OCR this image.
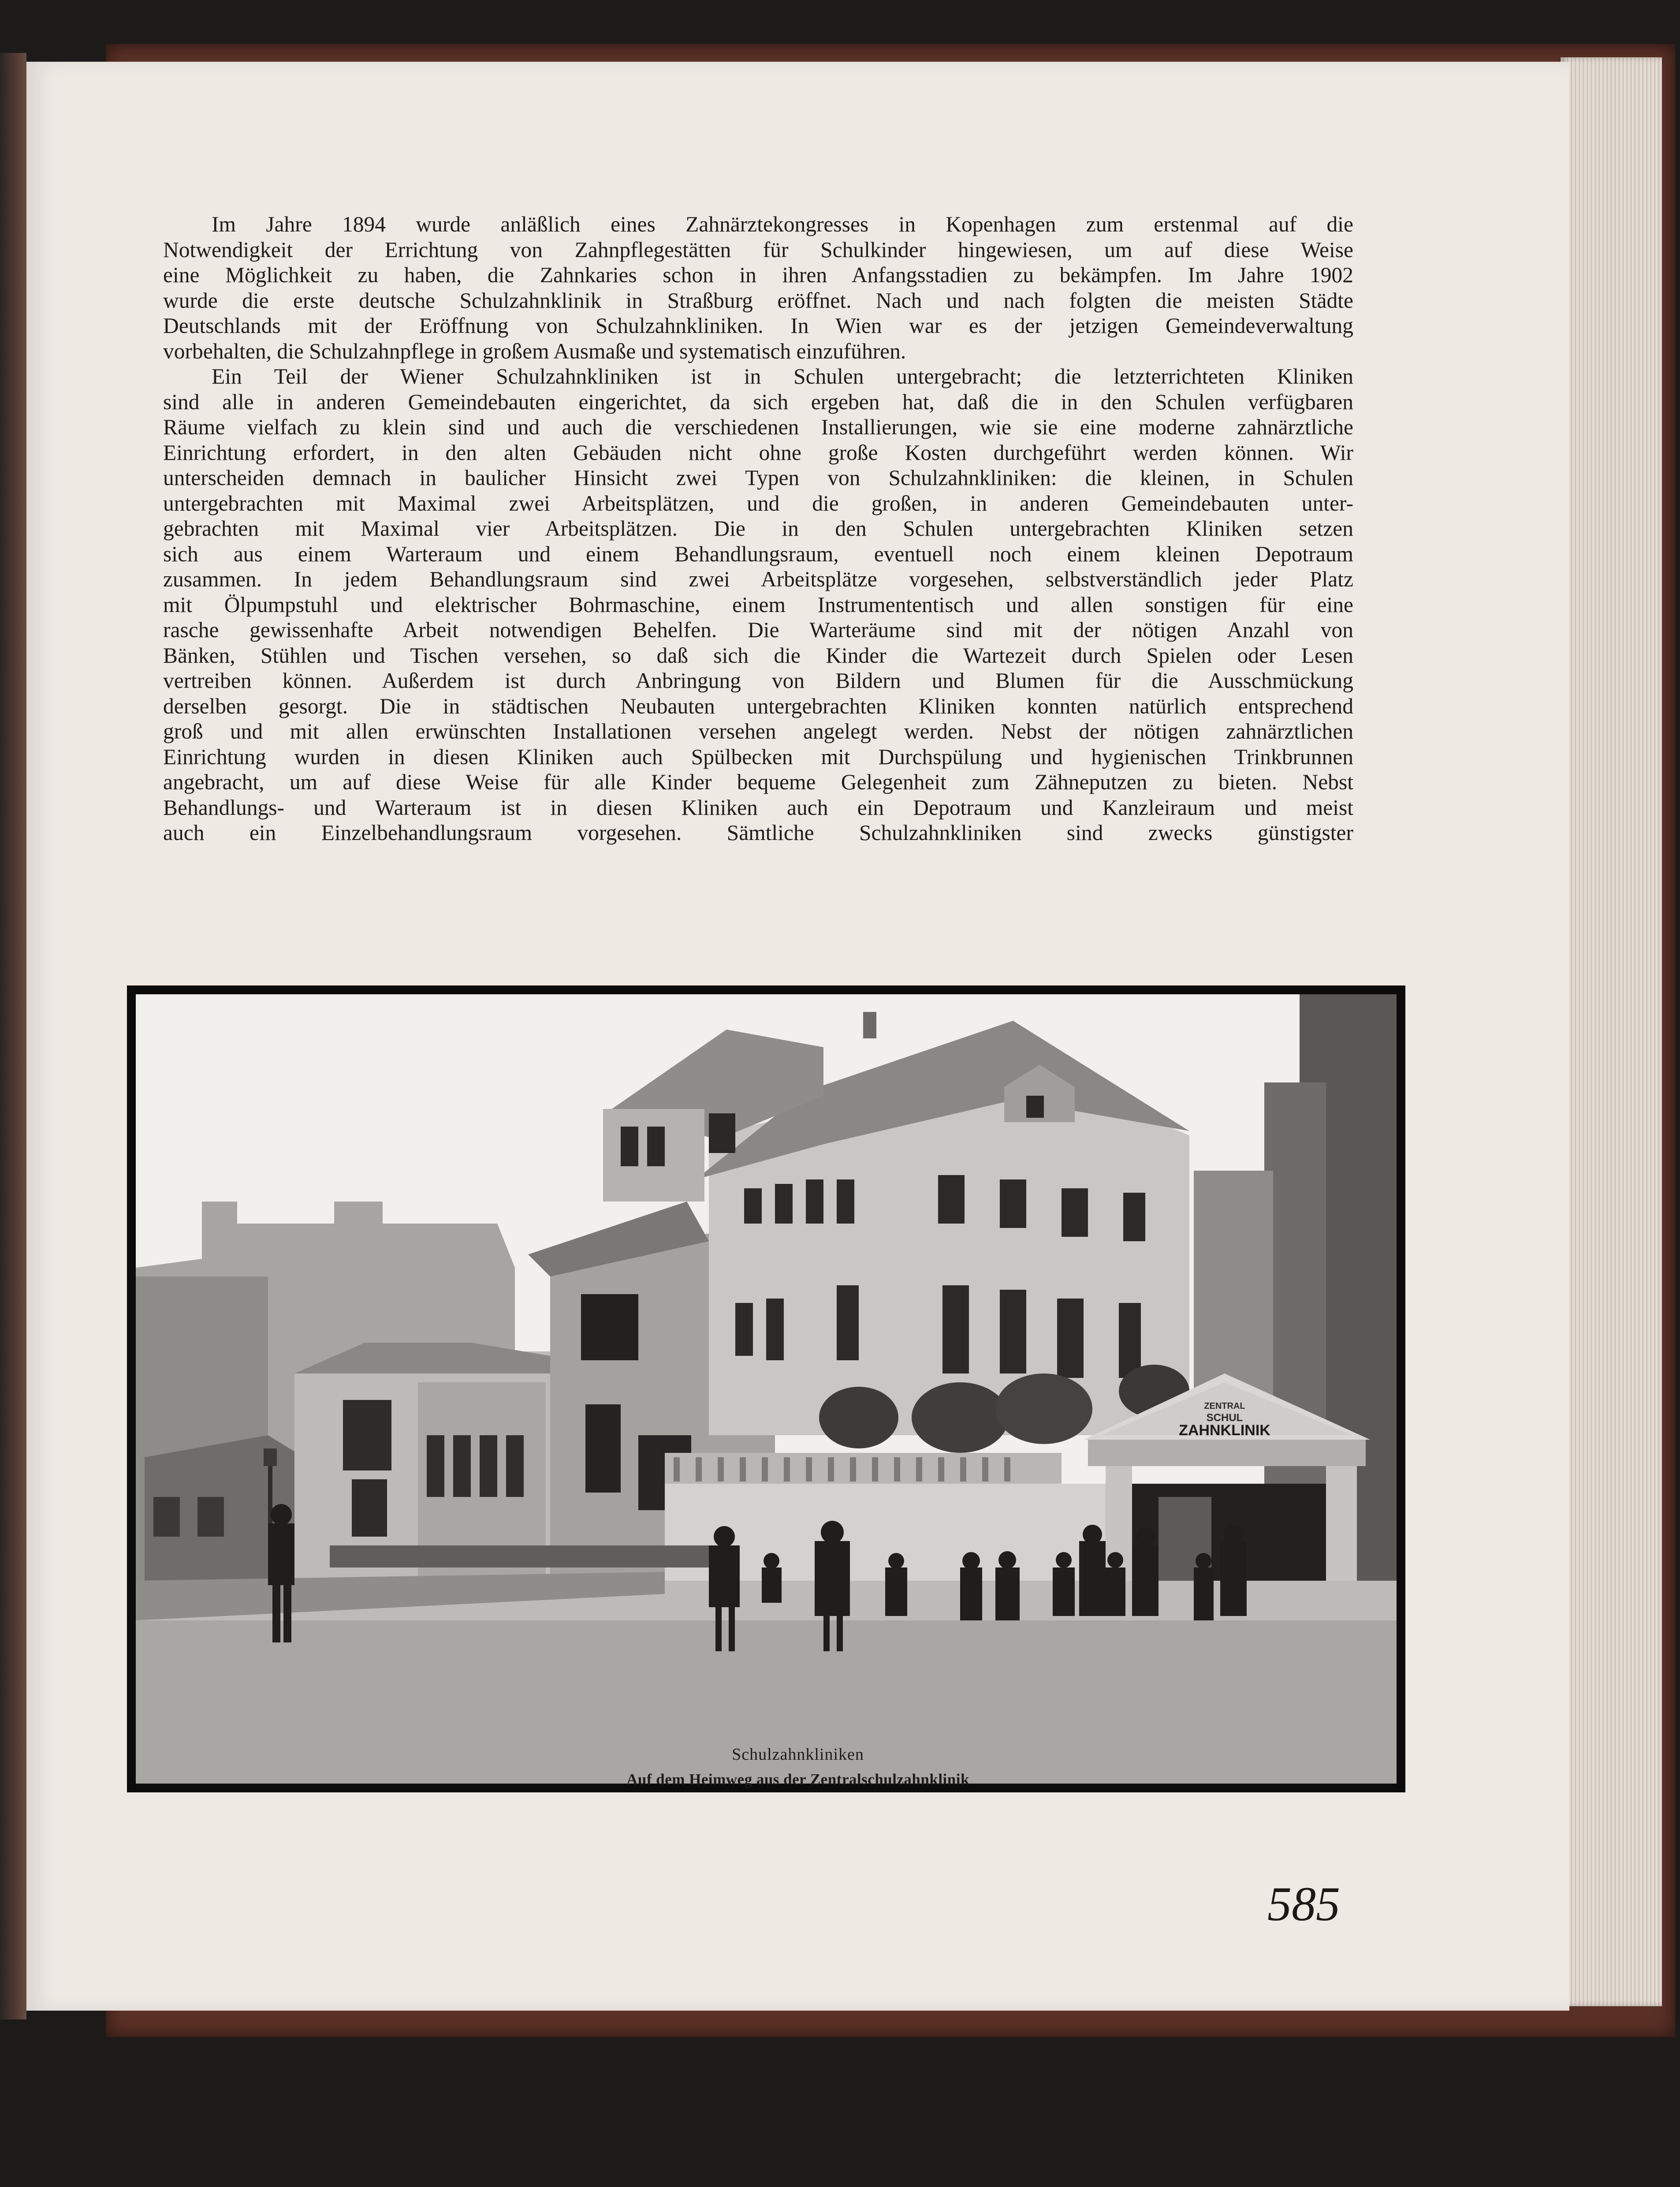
Im Jahre 1894 wurde anläßlich eines Zahnärztekongresses in Kopenhagen zum erstenmal auf die
Notwendigkeit der Errichtung von Zahnpflegestätten für Schulkinder hingewiesen, um auf diese Weise
eine Möglichkeit zu haben, die Zahnkaries schon in ihren Anfangsstadien zu bekämpfen. Im Jahre 1902
wurde die erste deutsche Schulzahnklinik in Straßburg eröffnet. Nach und nach folgten die meisten Städte
Deutschlands mit der Eröffnung von Schulzahnkliniken. In Wien war es der jetzigen Gemeindeverwaltung
vorbehalten, die Schulzahnpflege in großem Ausmaße und systematisch einzuführen.

Ein Teil der Wiener Schulzahnkliniken ist in Schulen untergebracht; die letzterrichteten Kliniken
sind alle in anderen Gemeindebauten eingerichtet, da sich ergeben hat, daß die in den Schulen verfügbaren
Räume vielfach zu klein sind und auch die verschiedenen Installierungen, wie sie eine moderne zahnärztliche
Einrichtung erfordert, in den alten Gebäuden nicht ohne große Kosten durchgeführt werden können. Wir
unterscheiden demnach in baulicher Hinsicht zwei Typen von Schulzahnkliniken: die kleinen, in Schulen
untergebrachten mit Maximal zwei Arbeitsplätzen, und die großen, in anderen Gemeindebauten unter-
gebrachten mit Maximal vier Arbeitsplätzen. Die in den Schulen untergebrachten Kliniken setzen
sich aus einem Warteraum und einem Behandlungsraum, eventuell noch einem kleinen Depotraum
zusammen. In jedem Behandlungsraum sind zwei Arbeitsplätze vorgesehen, selbstverständlich jeder Platz
mit Ölpumpstuhl und elektrischer Bohrmaschine, einem Instrumententisch und allen sonstigen für eine
rasche gewissenhafte Arbeit notwendigen Behelfen. Die Warteräume sind mit der nötigen Anzahl von
Bänken, Stühlen und Tischen versehen, so daß sich die Kinder die Wartezeit durch Spielen oder Lesen
vertreiben können. Außerdem ist durch Anbringung von Bildern und Blumen für die Ausschmückung
derselben gesorgt. Die in städtischen Neubauten untergebrachten Kliniken konnten natürlich entsprechend
groß und mit allen erwünschten Installationen versehen angelegt werden. Nebst der nötigen zahnärztlichen
Einrichtung wurden in diesen Kliniken auch Spülbecken mit Durchspülung und hygienischen Trinkbrunnen
angebracht, um auf diese Weise für alle Kinder bequeme Gelegenheit zum Zähneputzen zu bieten. Nebst
Behandlungs- und Warteraum ist in diesen Kliniken auch ein Depotraum und Kanzleiraum und meist
auch ein Einzelbehandlungsraum vorgesehen. Sämtliche Schulzahnkliniken sind zwecks günstigster

ZENTRAL
SCHUL
ZAHNKLINIK
Schulzahnkliniken
Auf dem Heimweg aus der Zentralschulzahnklinik
585
